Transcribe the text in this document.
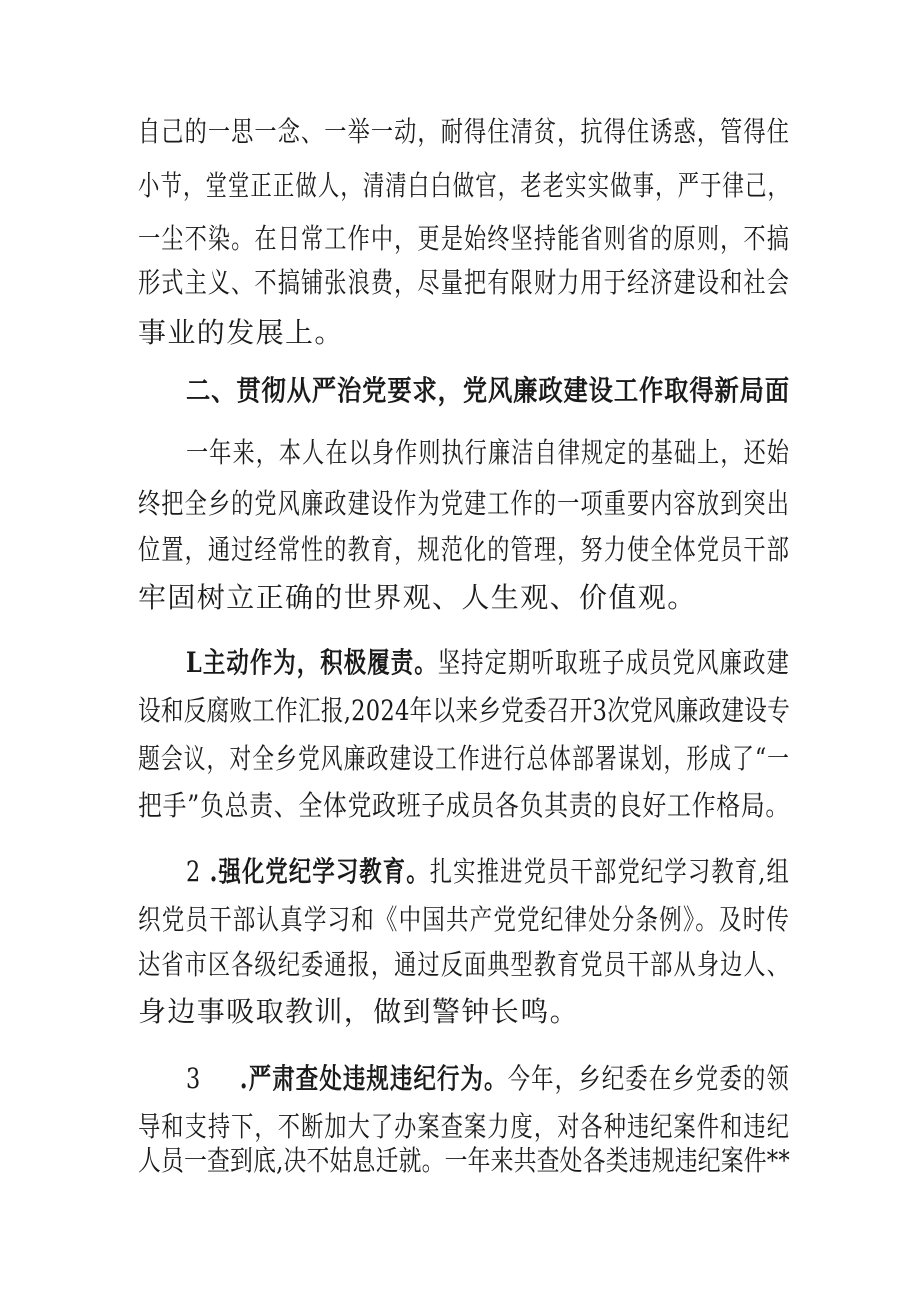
自己的一思一念、一举一动，耐得住清贫，抗得住诱惑，管得住
小节，堂堂正正做人，清清白白做官，老老实实做事，严于律己，
一尘不染。在日常工作中，更是始终坚持能省则省的原则，不搞
形式主义、不搞铺张浪费，尽量把有限财力用于经济建设和社会
事业的发展上。
二、贯彻从严治党要求，党风廉政建设工作取得新局面
一年来，本人在以身作则执行廉洁自律规定的基础上，还始
终把全乡的党风廉政建设作为党建工作的一项重要内容放到突出
位置，通过经常性的教育，规范化的管理，努力使全体党员干部
牢固树立正确的世界观、人生观、价值观。
L主动作为，积极履责。坚持定期听取班子成员党风廉政建
设和反腐败工作汇报,2024年以来乡党委召开3次党风廉政建设专
题会议，对全乡党风廉政建设工作进行总体部署谋划，形成了“一
把手”负总责、全体党政班子成员各负其责的良好工作格局。
2 .强化党纪学习教育。扎实推进党员干部党纪学习教育,组
织党员干部认真学习和《中国共产党党纪律处分条例》。及时传
达省市区各级纪委通报，通过反面典型教育党员干部从身边人、
身边事吸取教训，做到警钟长鸣。
3 .严肃查处违规违纪行为。今年，乡纪委在乡党委的领
导和支持下，不断加大了办案查案力度，对各种违纪案件和违纪
人员一查到底,决不姑息迁就。一年来共查处各类违规违纪案件**
